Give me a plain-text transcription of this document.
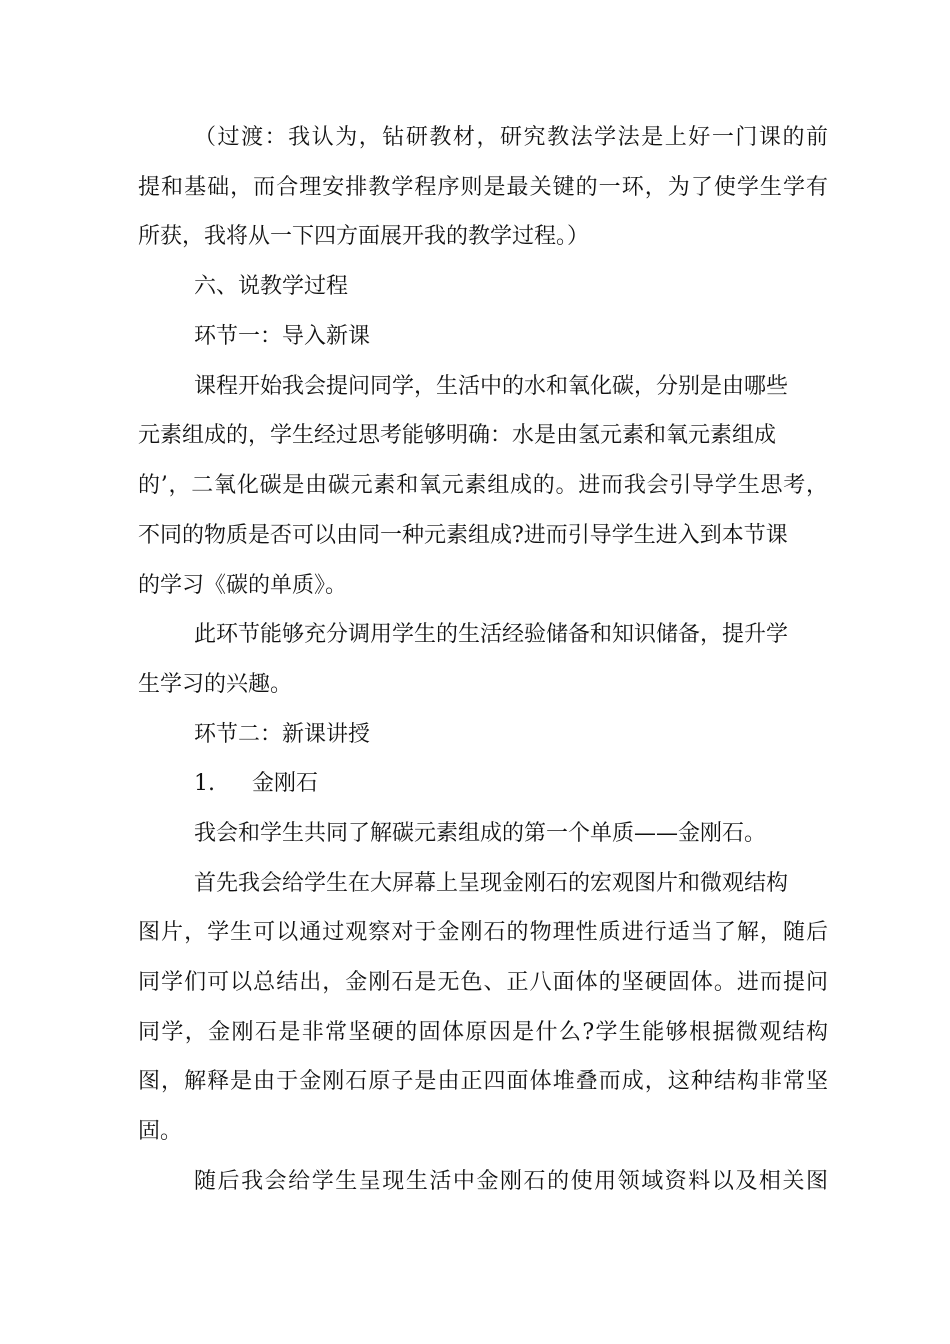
（过渡：我认为，钻研教材，研究教法学法是上好一门课的前
提和基础，而合理安排教学程序则是最关键的一环，为了使学生学有
所获，我将从一下四方面展开我的教学过程。）
六、说教学过程
环节一：导入新课
课程开始我会提问同学，生活中的水和氧化碳，分别是由哪些
元素组成的，学生经过思考能够明确：水是由氢元素和氧元素组成
的’，二氧化碳是由碳元素和氧元素组成的。进而我会引导学生思考，
不同的物质是否可以由同一种元素组成?进而引导学生进入到本节课
的学习《碳的单质》。
此环节能够充分调用学生的生活经验储备和知识储备，提升学
生学习的兴趣。
环节二：新课讲授
1. 金刚石
我会和学生共同了解碳元素组成的第一个单质——金刚石。
首先我会给学生在大屏幕上呈现金刚石的宏观图片和微观结构
图片，学生可以通过观察对于金刚石的物理性质进行适当了解，随后
同学们可以总结出，金刚石是无色、正八面体的坚硬固体。进而提问
同学，金刚石是非常坚硬的固体原因是什么?学生能够根据微观结构
图，解释是由于金刚石原子是由正四面体堆叠而成，这种结构非常坚
固。
随后我会给学生呈现生活中金刚石的使用领域资料以及相关图
